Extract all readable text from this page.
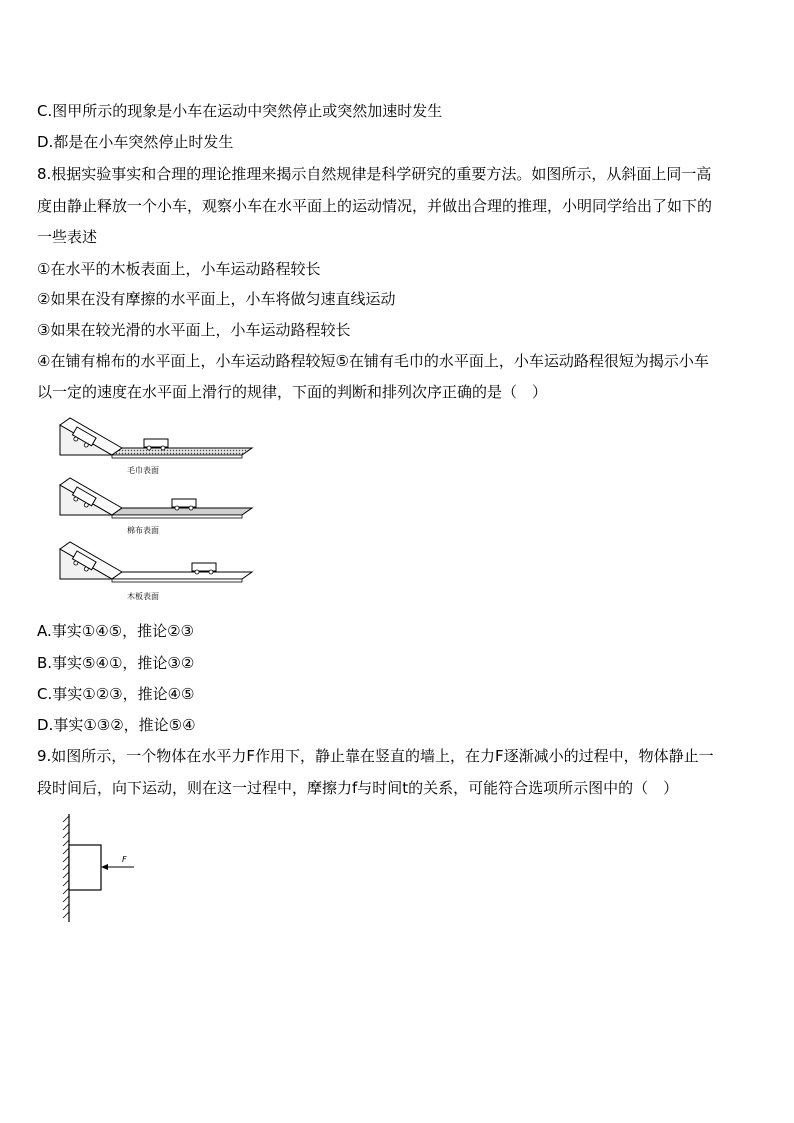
C.图甲所示的现象是小车在运动中突然停止或突然加速时发生
D.都是在小车突然停止时发生
8.根据实验事实和合理的理论推理来揭示自然规律是科学研究的重要方法。如图所示，从斜面上同一高
度由静止释放一个小车，观察小车在水平面上的运动情况，并做出合理的推理，小明同学给出了如下的
一些表述
①在水平的木板表面上，小车运动路程较长
②如果在没有摩擦的水平面上，小车将做匀速直线运动
③如果在较光滑的水平面上，小车运动路程较长
④在铺有棉布的水平面上，小车运动路程较短⑤在铺有毛巾的水平面上，小车运动路程很短为揭示小车
以一定的速度在水平面上滑行的规律，下面的判断和排列次序正确的是（　）
毛巾表面
棉布表面
木板表面
A.事实①④⑤，推论②③
B.事实⑤④①，推论③②
C.事实①②③，推论④⑤
D.事实①③②，推论⑤④
9.如图所示，一个物体在水平力F作用下，静止靠在竖直的墙上，在力F逐渐减小的过程中，物体静止一
段时间后，向下运动，则在这一过程中，摩擦力f与时间t的关系，可能符合选项所示图中的（　）
F
